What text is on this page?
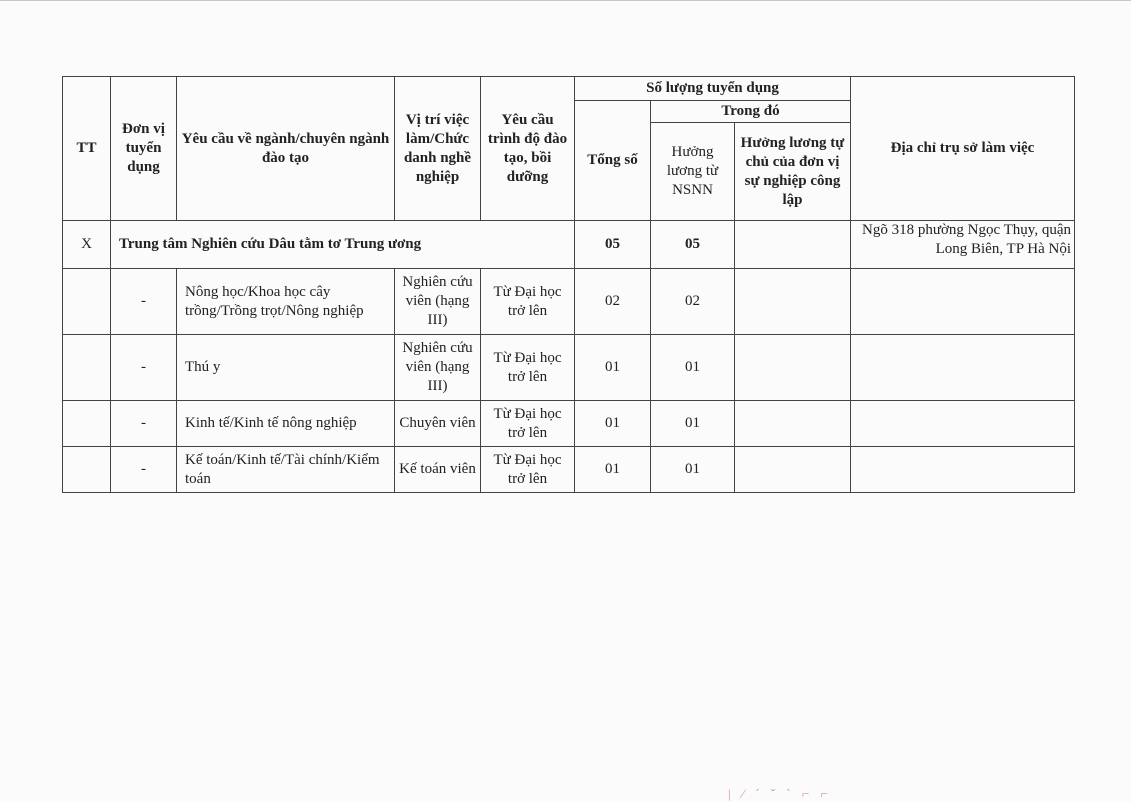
TT	Đơn vị tuyển dụng	Yêu cầu về ngành/chuyên ngành đào tạo	Vị trí việc làm/Chức danh nghề nghiệp	Yêu cầu trình độ đào tạo, bồi dưỡng	Số lượng tuyển dụng			Địa chỉ trụ sở làm việc
					Tổng số	Trong đó		
						Hưởng lương từ NSNN	Hưởng lương tự chủ của đơn vị sự nghiệp công lập	
X	Trung tâm Nghiên cứu Dâu tằm tơ Trung ương				05	05		Ngõ 318 phường Ngọc Thụy, quận Long Biên, TP Hà Nội
	-	Nông học/Khoa học cây trồng/Trồng trọt/Nông nghiệp	Nghiên cứu viên (hạng III)	Từ Đại học trở lên	02	02		
	-	Thú y	Nghiên cứu viên (hạng III)	Từ Đại học trở lên	01	01		
	-	Kinh tế/Kinh tế nông nghiệp	Chuyên viên	Từ Đại học trở lên	01	01		
	-	Kế toán/Kinh tế/Tài chính/Kiểm toán	Kế toán viên	Từ Đại học trở lên	01	01		
| ⁄ ˊ ˇ ˋ ⌐ ⌐
